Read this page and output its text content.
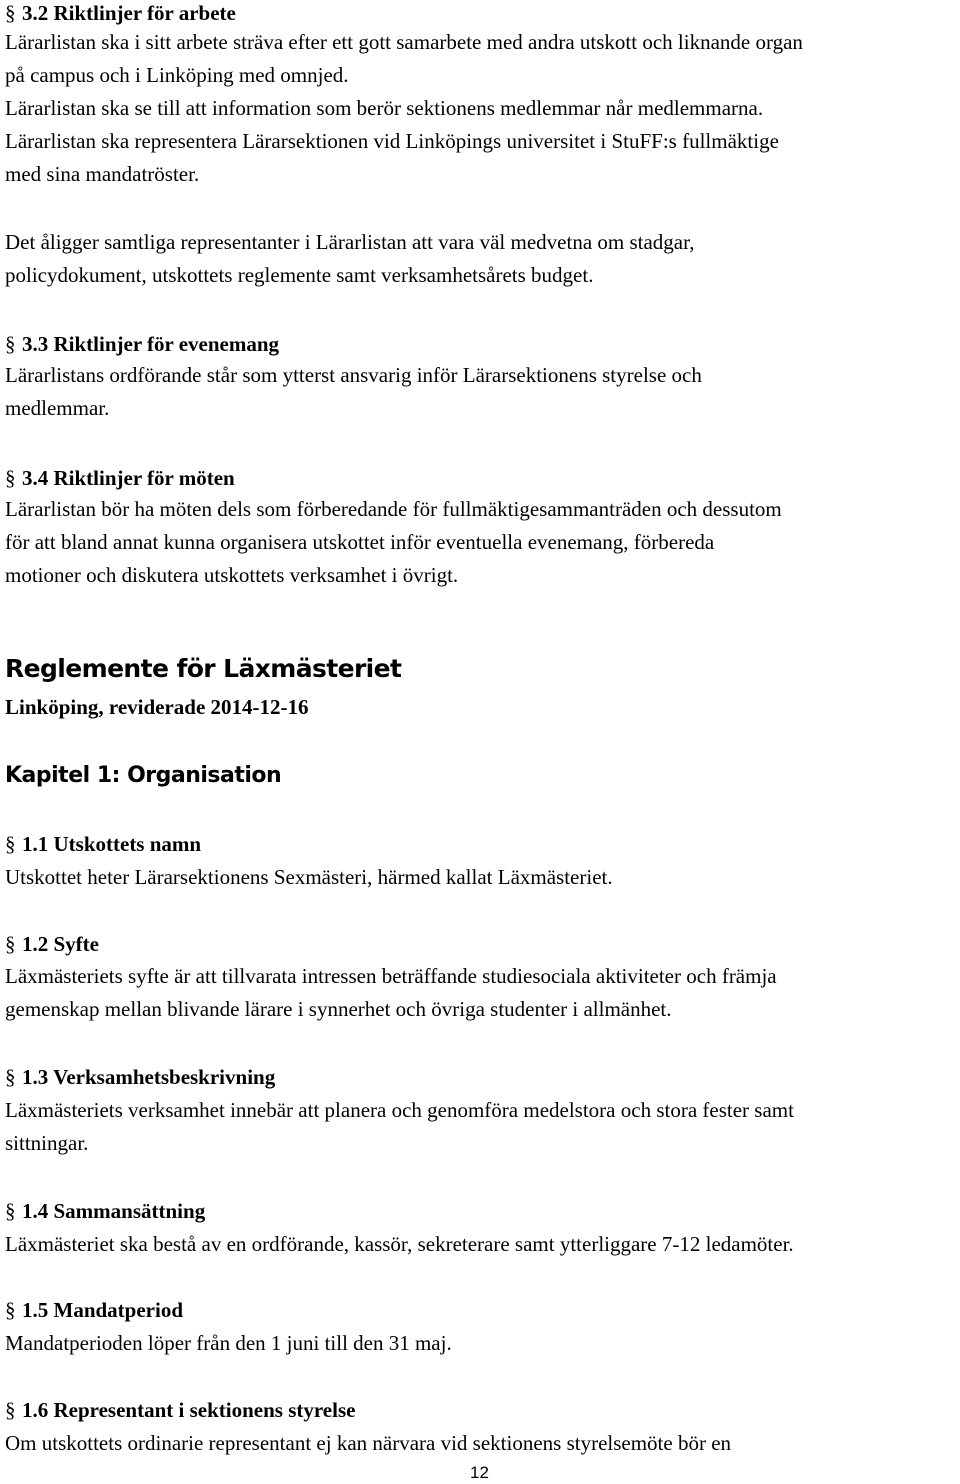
§ 3.2 Riktlinjer för arbete
Lärarlistan ska i sitt arbete sträva efter ett gott samarbete med andra utskott och liknande organ
på campus och i Linköping med omnjed.
Lärarlistan ska se till att information som berör sektionens medlemmar når medlemmarna.
Lärarlistan ska representera Lärarsektionen vid Linköpings universitet i StuFF:s fullmäktige
med sina mandatröster.
Det åligger samtliga representanter i Lärarlistan att vara väl medvetna om stadgar,
policydokument, utskottets reglemente samt verksamhetsårets budget.
§ 3.3 Riktlinjer för evenemang
Lärarlistans ordförande står som ytterst ansvarig inför Lärarsektionens styrelse och
medlemmar.
§ 3.4 Riktlinjer för möten
Lärarlistan bör ha möten dels som förberedande för fullmäktigesammanträden och dessutom
för att bland annat kunna organisera utskottet inför eventuella evenemang, förbereda
motioner och diskutera utskottets verksamhet i övrigt.
Reglemente för Läxmästeriet
Linköping, reviderade 2014-12-16
Kapitel 1: Organisation
§ 1.1 Utskottets namn
Utskottet heter Lärarsektionens Sexmästeri, härmed kallat Läxmästeriet.
§ 1.2 Syfte
Läxmästeriets syfte är att tillvarata intressen beträffande studiesociala aktiviteter och främja
gemenskap mellan blivande lärare i synnerhet och övriga studenter i allmänhet.
§ 1.3 Verksamhetsbeskrivning
Läxmästeriets verksamhet innebär att planera och genomföra medelstora och stora fester samt
sittningar.
§ 1.4 Sammansättning
Läxmästeriet ska bestå av en ordförande, kassör, sekreterare samt ytterliggare 7-12 ledamöter.
§ 1.5 Mandatperiod
Mandatperioden löper från den 1 juni till den 31 maj.
§ 1.6 Representant i sektionens styrelse
Om utskottets ordinarie representant ej kan närvara vid sektionens styrelsemöte bör en
12
